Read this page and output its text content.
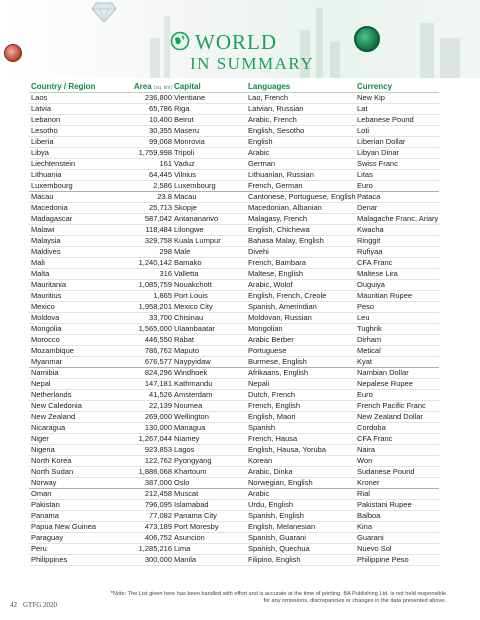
WORLD
IN SUMMARY
Country / Region	Area (sq. km)	Capital	Languages	Currency
Laos	236,800	Vientiane	Lao, French	New Kip
Latvia	65,786	Riga	Latvian, Russian	Lat
Lebanon	10,400	Beirut	Arabic, French	Lebanese Pound
Lesotho	30,355	Maseru	English, Sesotho	Loti
Liberia	99,068	Monrovia	English	Liberian Dollar
Libya	1,759,998	Tripoli	Arabic	Libyan Dinar
Liechtenstein	161	Vaduz	German	Swiss Franc
Lithuania	64,445	Vilnius	Lithuanian, Russian	Litas
Luxembourg	2,586	Luxembourg	French, German	Euro
Macau	23.8	Macau	Cantonese, Portuguese, English	Pataca
Macedonia	25,713	Skopje	Macedonian, Albanian	Denar
Madagascar	587,042	Antananarivo	Malagasy, French	Malagache Franc, Ariary
Malawi	118,484	Lilongwe	English, Chichewa	Kwacha
Malaysia	329,758	Kuala Lumpur	Bahasa Malay, English	Ringgit
Maldives	298	Male	Divehi	Rufiyaa
Mali	1,240,142	Bamako	French, Bambara	CFA Franc
Malta	316	Valletta	Maltese, English	Maltese Lira
Mauritania	1,085,759	Nouakchott	Arabic, Wolof	Ouguiya
Mauritius	1,865	Port Louis	English, French, Creole	Mauritian Rupee
Mexico	1,958,201	Mexico City	Spanish, Amerindian	Peso
Moldova	33,700	Chisinau	Moldovan, Russian	Leu
Mongolia	1,565,000	Ulaanbaatar	Mongolian	Tughrik
Morocco	446,550	Rabat	Arabic Berber	Dirham
Mozambique	786,762	Maputo	Portuguese	Metical
Myanmar	676,577	Naypyidaw	Burmese, English	Kyat
Namibia	824,296	Windhoek	Afrikaans, English	Nambian Dollar
Nepal	147,181	Kathmandu	Nepali	Nepalese Rupee
Netherlands	41,526	Amsterdam	Dutch, French	Euro
New Caledonia	22,139	Noumea	French, English	French Pacific Franc
New Zealand	269,000	Wellington	English, Maori	New Zealand Dollar
Nicaragua	130,000	Managua	Spanish	Cordoba
Niger	1,267,044	Niamey	French, Hausa	CFA Franc
Nigeria	923,853	Lagos	English, Hausa, Yoruba	Naira
North Korea	122,762	Pyongyang	Korean	Won
North Sudan	1,886,068	Khartoum	Arabic, Dinka	Sudanese Pound
Norway	387,000	Oslo	Norwegian, English	Kroner
Oman	212,458	Muscat	Arabic	Rial
Pakistan	796,095	Islamabad	Urdu, English	Pakistani Rupee
Panama	77,082	Panama City	Spanish, English	Balboa
Papua New Guinea	473,189	Port Moresby	English, Melanesian	Kina
Paraguay	406,752	Asuncion	Spanish, Guarani	Guarani
Peru	1,285,216	Lima	Spanish, Quechua	Nuevo Sol
Philippines	300,000	Manila	Filipino, English	Philippine Peso
*Note: The List given here has been handled with effort and is accurate at the time of printing. BA Publishing Ltd. is not held responsible for any omissions, discrepancies or changes in the data presented above.
42 GTFG 2020
